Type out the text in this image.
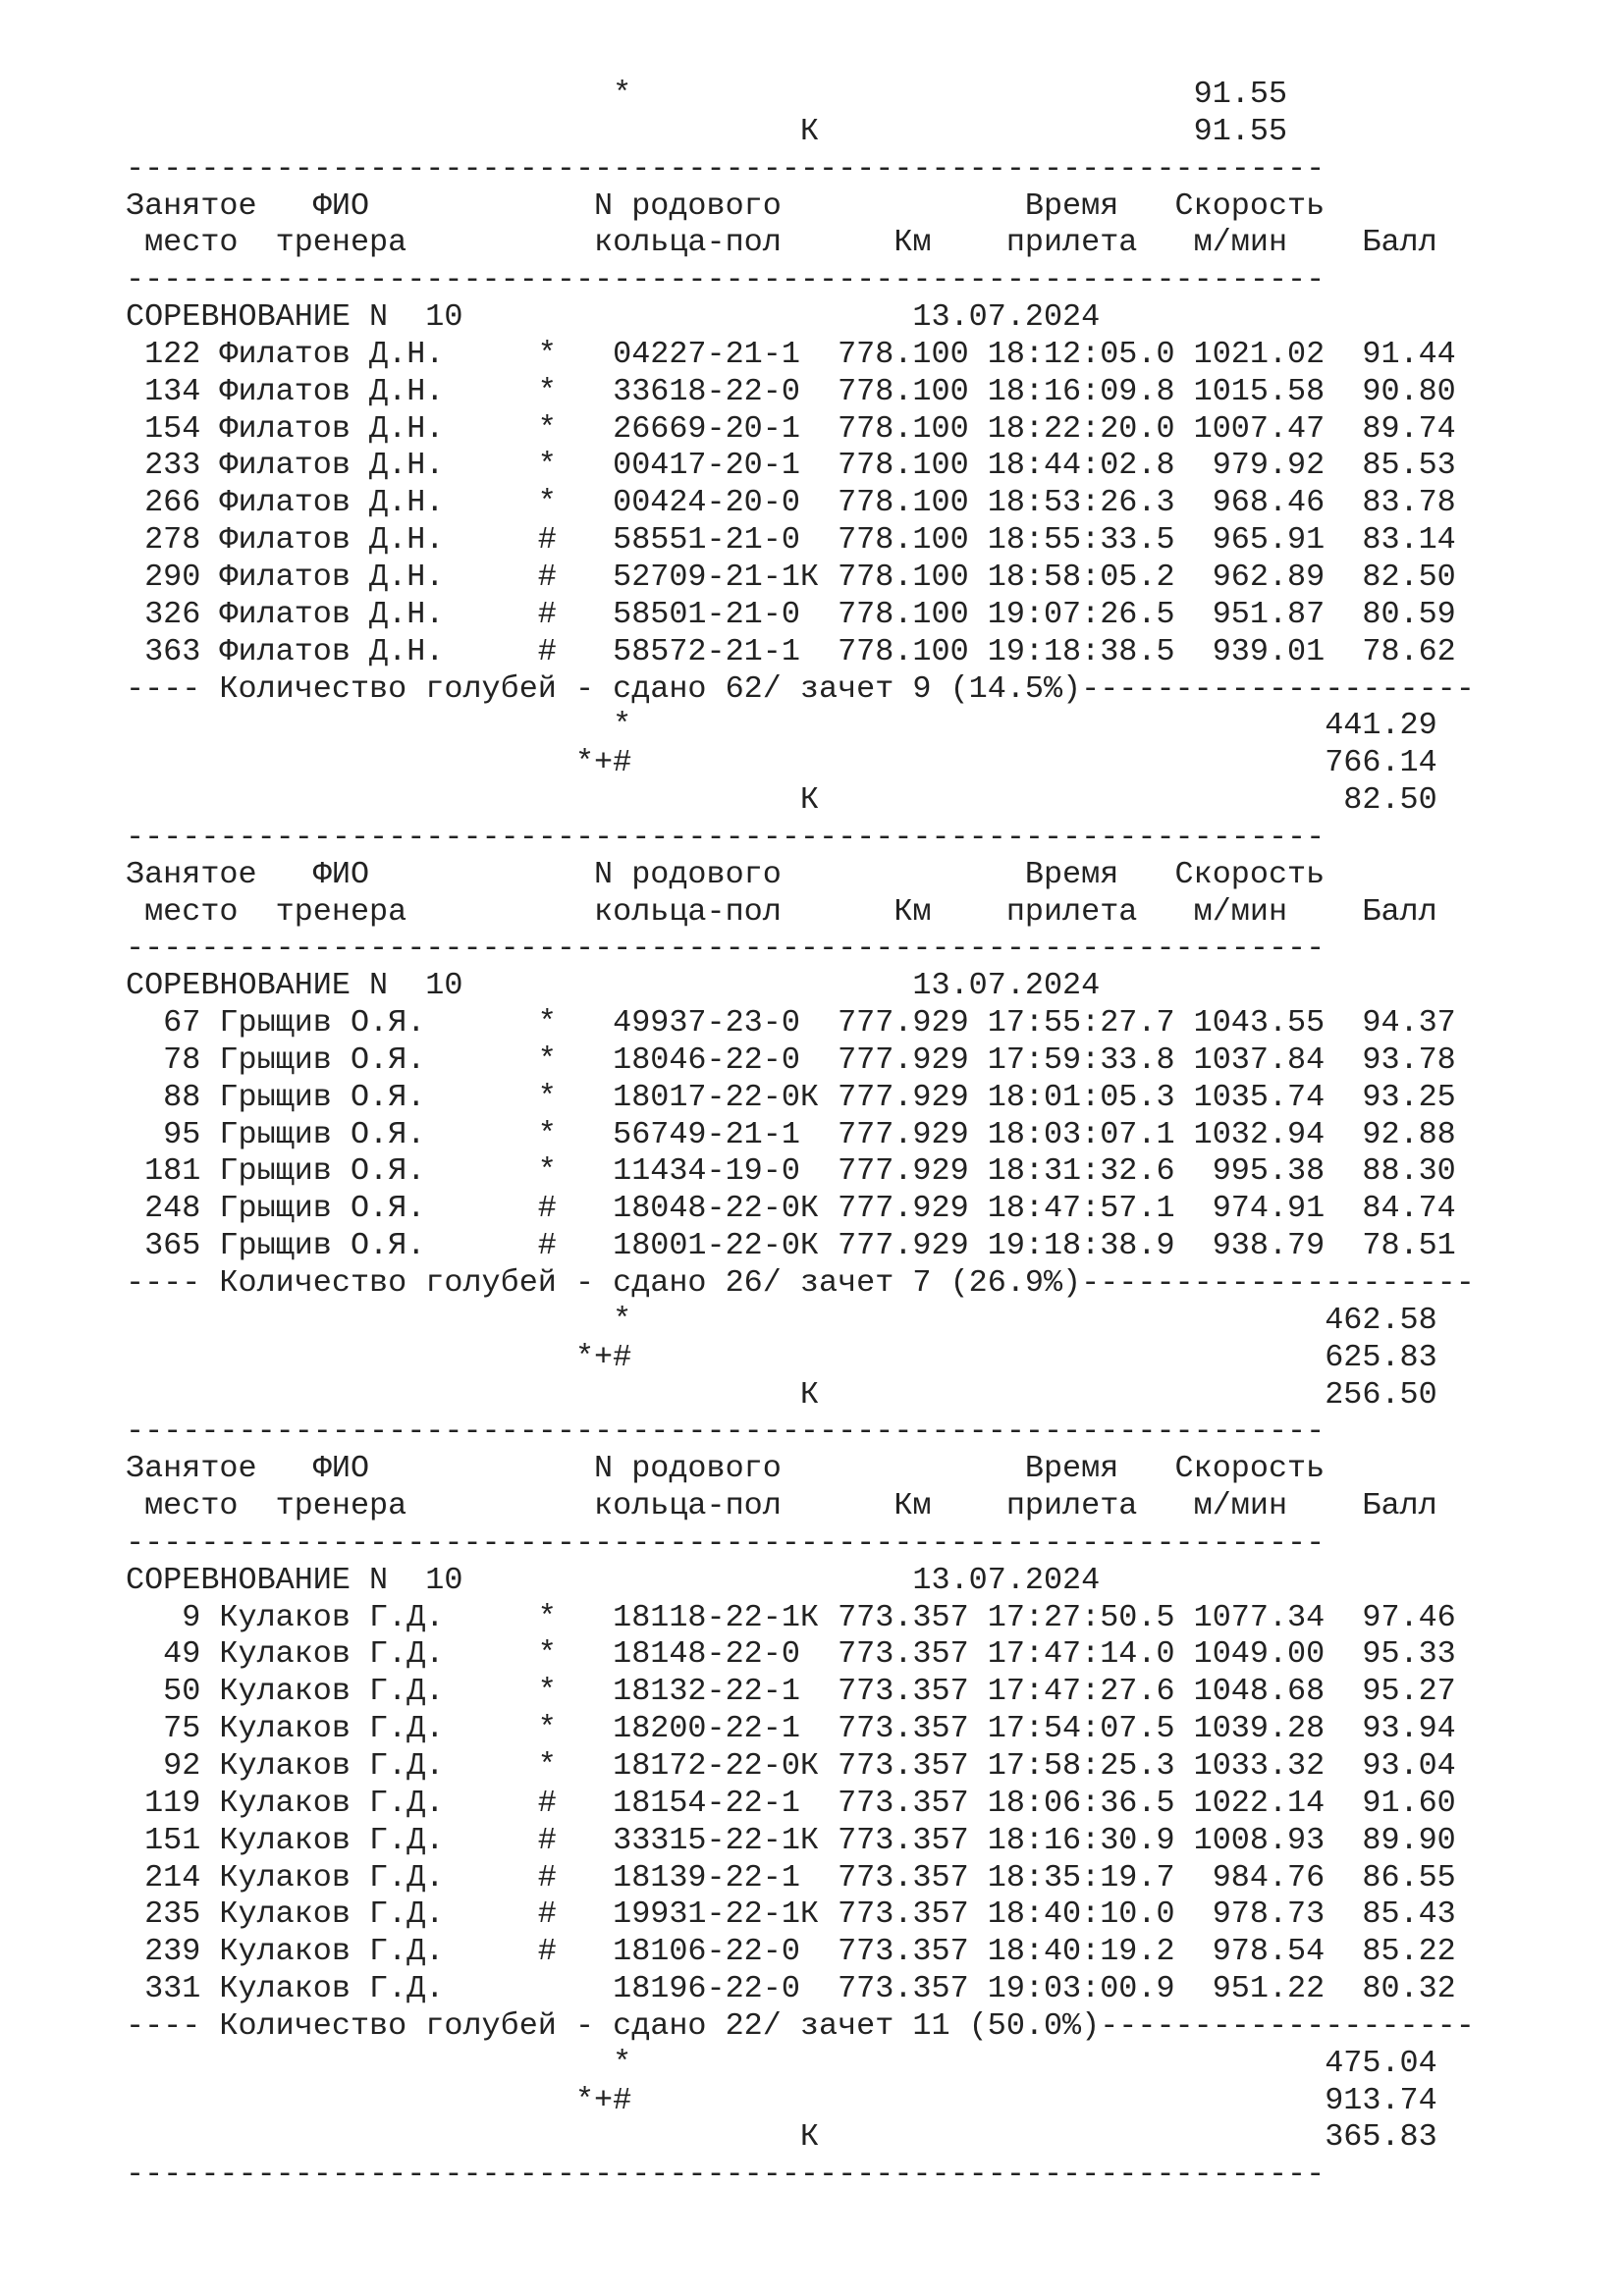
*                              91.55
К                    91.55
----------------------------------------------------------------
Занятое   ФИО            N родового             Время   Скорость
место  тренера          кольца-пол      Км    прилета   м/мин    Балл
----------------------------------------------------------------
СОРЕВНОВАНИЕ N  10                        13.07.2024
122 Филатов Д.Н.     *   04227-21-1  778.100 18:12:05.0 1021.02  91.44
134 Филатов Д.Н.     *   33618-22-0  778.100 18:16:09.8 1015.58  90.80
154 Филатов Д.Н.     *   26669-20-1  778.100 18:22:20.0 1007.47  89.74
233 Филатов Д.Н.     *   00417-20-1  778.100 18:44:02.8  979.92  85.53
266 Филатов Д.Н.     *   00424-20-0  778.100 18:53:26.3  968.46  83.78
278 Филатов Д.Н.     #   58551-21-0  778.100 18:55:33.5  965.91  83.14
290 Филатов Д.Н.     #   52709-21-1К 778.100 18:58:05.2  962.89  82.50
326 Филатов Д.Н.     #   58501-21-0  778.100 19:07:26.5  951.87  80.59
363 Филатов Д.Н.     #   58572-21-1  778.100 19:18:38.5  939.01  78.62
---- Количество голубей - сдано 62/ зачет 9 (14.5%)---------------------
*                                     441.29
*+#                                     766.14
К                            82.50
----------------------------------------------------------------
Занятое   ФИО            N родового             Время   Скорость
место  тренера          кольца-пол      Км    прилета   м/мин    Балл
----------------------------------------------------------------
СОРЕВНОВАНИЕ N  10                        13.07.2024
67 Грыщив О.Я.      *   49937-23-0  777.929 17:55:27.7 1043.55  94.37
78 Грыщив О.Я.      *   18046-22-0  777.929 17:59:33.8 1037.84  93.78
88 Грыщив О.Я.      *   18017-22-0К 777.929 18:01:05.3 1035.74  93.25
95 Грыщив О.Я.      *   56749-21-1  777.929 18:03:07.1 1032.94  92.88
181 Грыщив О.Я.      *   11434-19-0  777.929 18:31:32.6  995.38  88.30
248 Грыщив О.Я.      #   18048-22-0К 777.929 18:47:57.1  974.91  84.74
365 Грыщив О.Я.      #   18001-22-0К 777.929 19:18:38.9  938.79  78.51
---- Количество голубей - сдано 26/ зачет 7 (26.9%)---------------------
*                                     462.58
*+#                                     625.83
К                           256.50
----------------------------------------------------------------
Занятое   ФИО            N родового             Время   Скорость
место  тренера          кольца-пол      Км    прилета   м/мин    Балл
----------------------------------------------------------------
СОРЕВНОВАНИЕ N  10                        13.07.2024
9 Кулаков Г.Д.     *   18118-22-1К 773.357 17:27:50.5 1077.34  97.46
49 Кулаков Г.Д.     *   18148-22-0  773.357 17:47:14.0 1049.00  95.33
50 Кулаков Г.Д.     *   18132-22-1  773.357 17:47:27.6 1048.68  95.27
75 Кулаков Г.Д.     *   18200-22-1  773.357 17:54:07.5 1039.28  93.94
92 Кулаков Г.Д.     *   18172-22-0К 773.357 17:58:25.3 1033.32  93.04
119 Кулаков Г.Д.     #   18154-22-1  773.357 18:06:36.5 1022.14  91.60
151 Кулаков Г.Д.     #   33315-22-1К 773.357 18:16:30.9 1008.93  89.90
214 Кулаков Г.Д.     #   18139-22-1  773.357 18:35:19.7  984.76  86.55
235 Кулаков Г.Д.     #   19931-22-1К 773.357 18:40:10.0  978.73  85.43
239 Кулаков Г.Д.     #   18106-22-0  773.357 18:40:19.2  978.54  85.22
331 Кулаков Г.Д.         18196-22-0  773.357 19:03:00.9  951.22  80.32
---- Количество голубей - сдано 22/ зачет 11 (50.0%)--------------------
*                                     475.04
*+#                                     913.74
К                           365.83
----------------------------------------------------------------
